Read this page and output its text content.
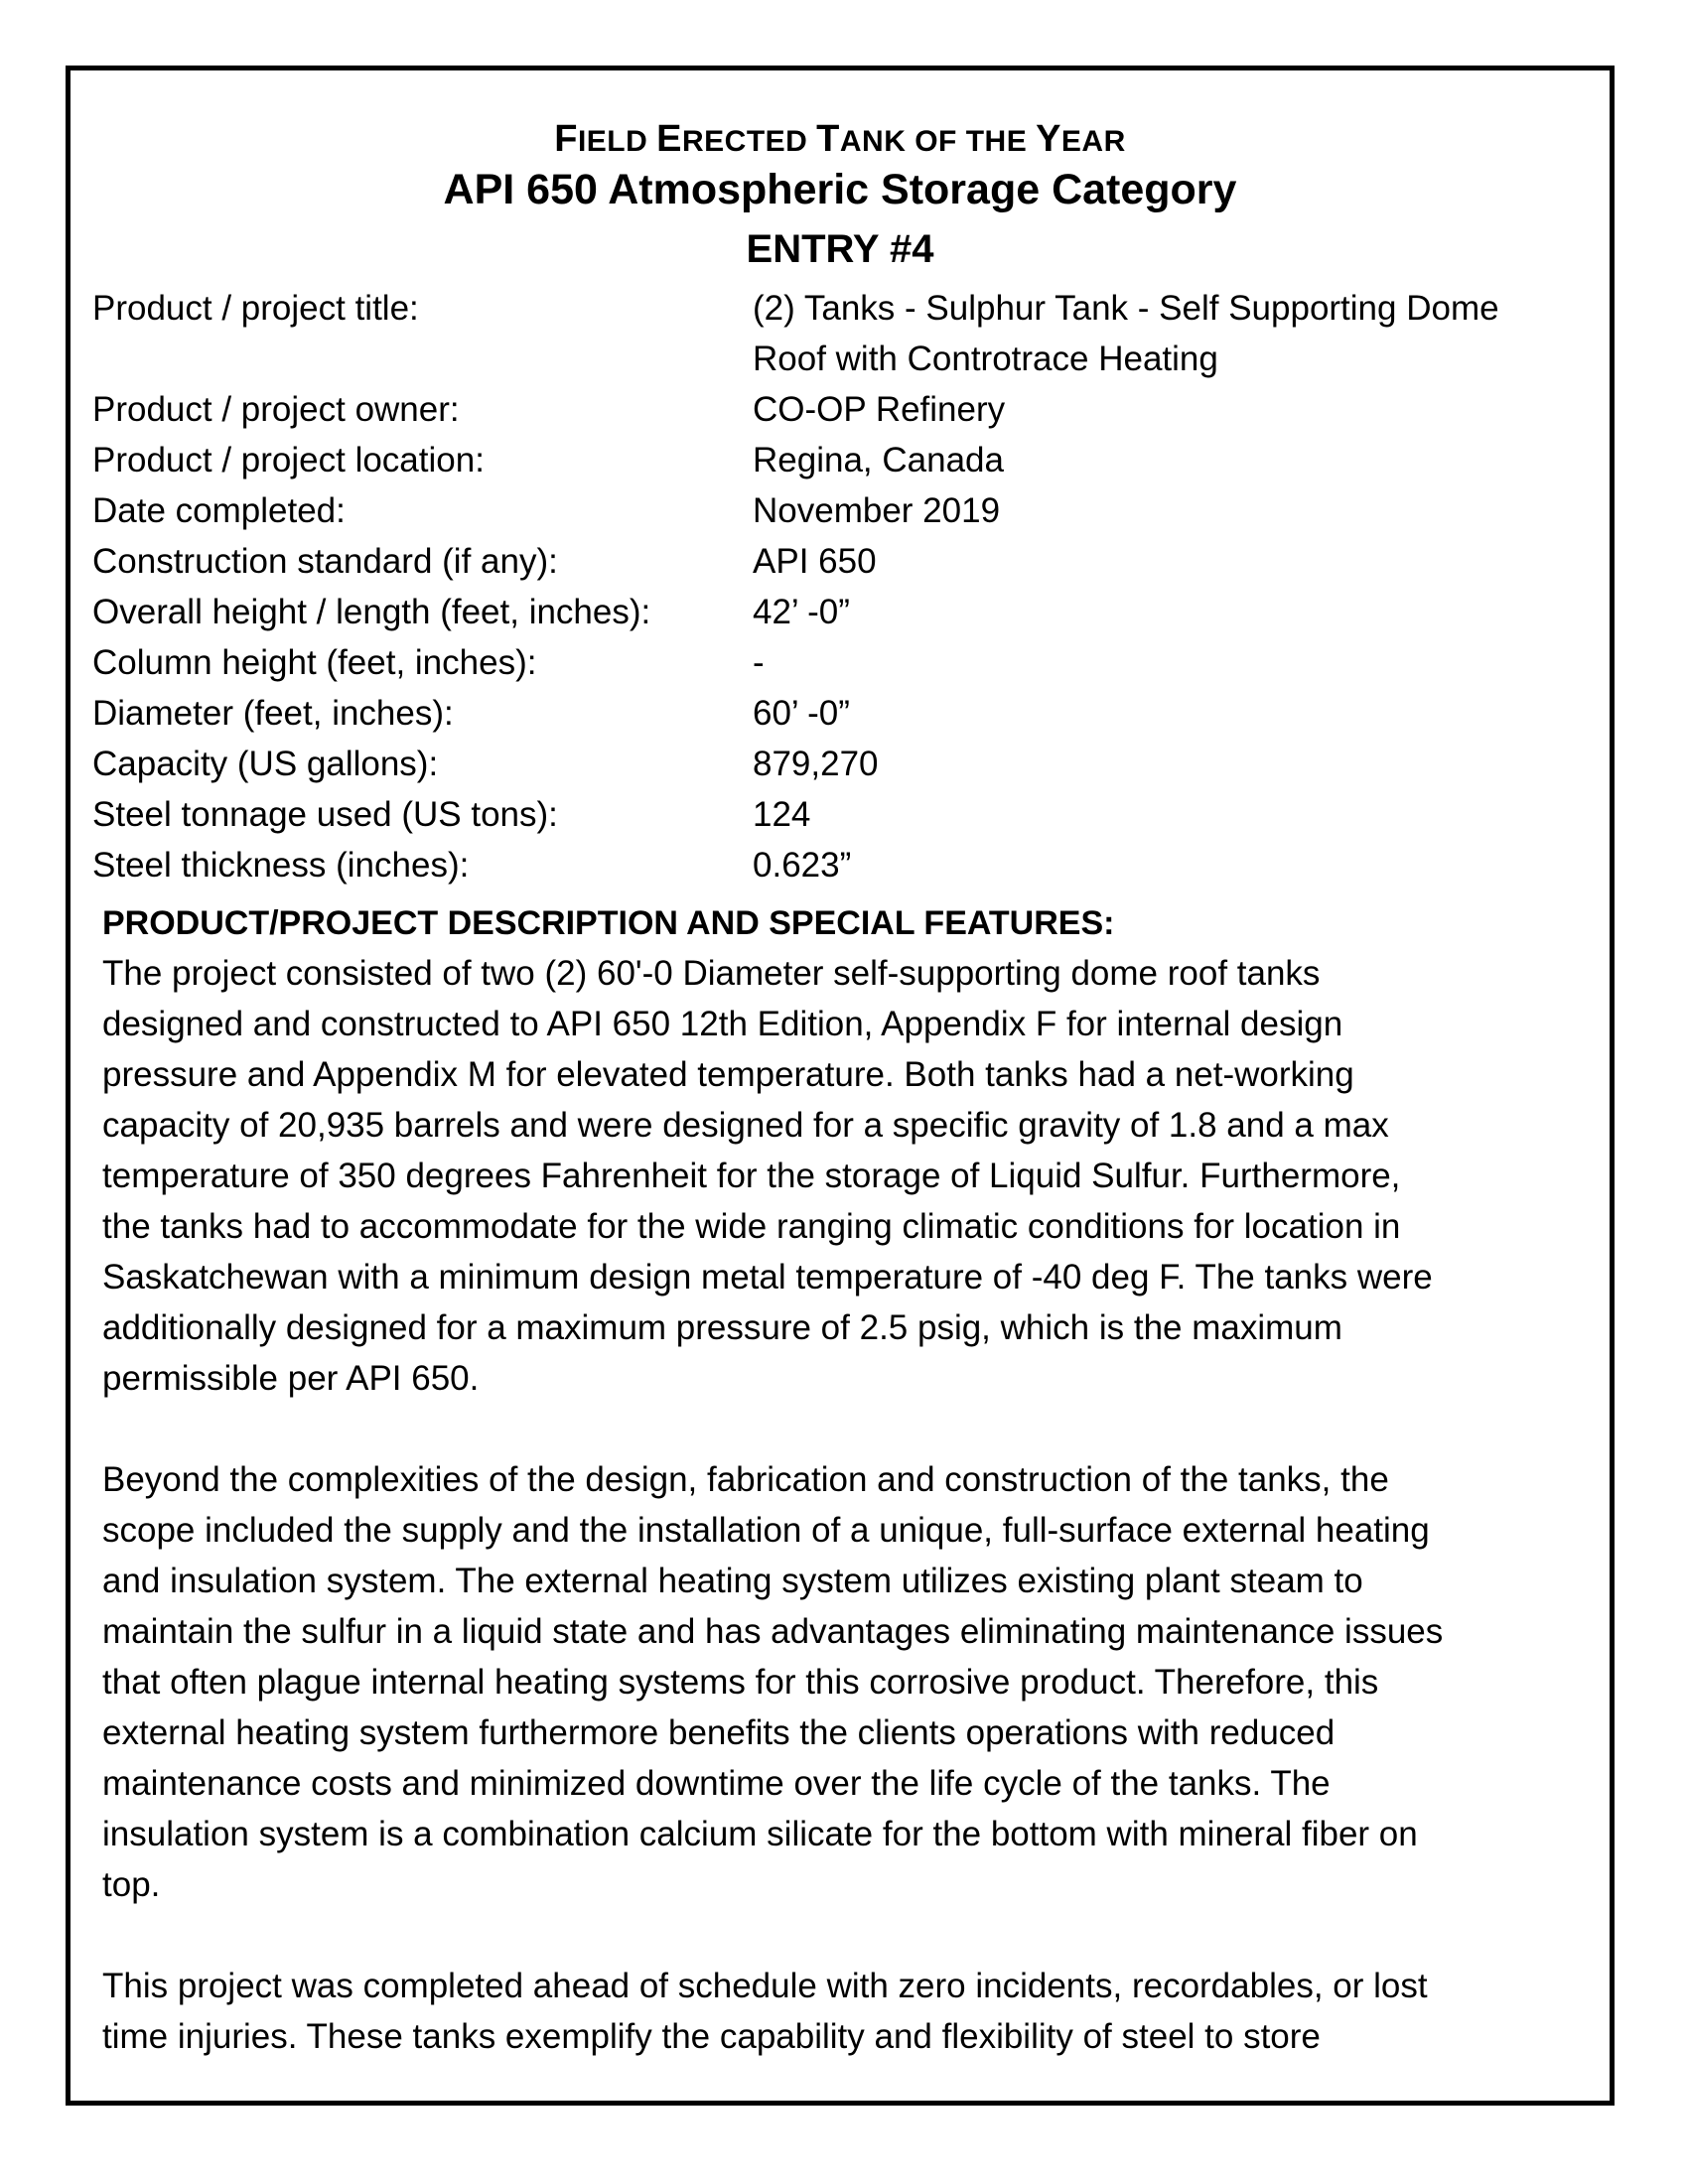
FIELD ERECTED TANK OF THE YEAR
API 650 Atmospheric Storage Category
ENTRY #4
Product / project title:	(2) Tanks - Sulphur Tank - Self Supporting Dome
Roof with Controtrace Heating
Product / project owner:	CO-OP Refinery
Product / project location:	Regina, Canada
Date completed:	November 2019
Construction standard (if any):	API 650
Overall height / length (feet, inches):	42’ -0”
Column height (feet, inches):	-
Diameter (feet, inches):	60’ -0”
Capacity (US gallons):	879,270
Steel tonnage used (US tons):	124
Steel thickness (inches):	0.623”
PRODUCT/PROJECT DESCRIPTION AND SPECIAL FEATURES:

The project consisted of two (2) 60'-0 Diameter self-supporting dome roof tanks
designed and constructed to API 650 12th Edition, Appendix F for internal design
pressure and Appendix M for elevated temperature. Both tanks had a net-working
capacity of 20,935 barrels and were designed for a specific gravity of 1.8 and a max
temperature of 350 degrees Fahrenheit for the storage of Liquid Sulfur. Furthermore,
the tanks had to accommodate for the wide ranging climatic conditions for location in
Saskatchewan with a minimum design metal temperature of -40 deg F. The tanks were
additionally designed for a maximum pressure of 2.5 psig, which is the maximum
permissible per API 650.

Beyond the complexities of the design, fabrication and construction of the tanks, the
scope included the supply and the installation of a unique, full-surface external heating
and insulation system. The external heating system utilizes existing plant steam to
maintain the sulfur in a liquid state and has advantages eliminating maintenance issues
that often plague internal heating systems for this corrosive product. Therefore, this
external heating system furthermore benefits the clients operations with reduced
maintenance costs and minimized downtime over the life cycle of the tanks. The
insulation system is a combination calcium silicate for the bottom with mineral fiber on
top.

This project was completed ahead of schedule with zero incidents, recordables, or lost
time injuries. These tanks exemplify the capability and flexibility of steel to store
